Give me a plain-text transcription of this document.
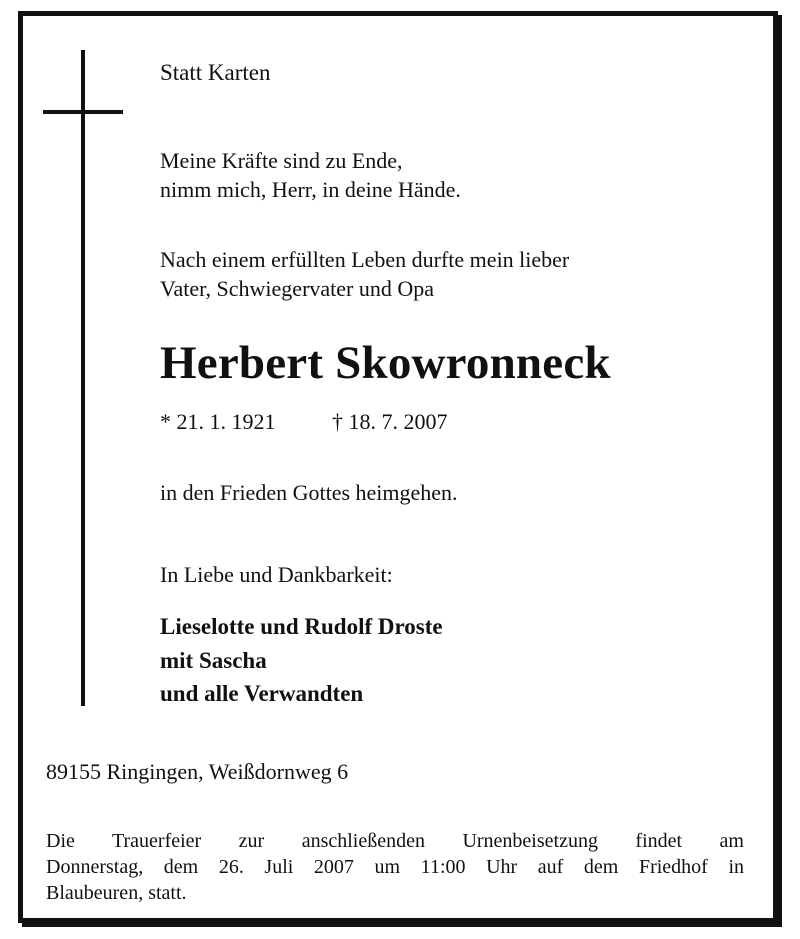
Statt Karten
Meine Kräfte sind zu Ende,
nimm mich, Herr, in deine Hände.
Nach einem erfüllten Leben durfte mein lieber
Vater, Schwiegervater und Opa
Herbert Skowronneck
* 21. 1. 1921	† 18. 7. 2007
in den Frieden Gottes heimgehen.
In Liebe und Dankbarkeit:
Lieselotte und Rudolf Droste
mit Sascha
und alle Verwandten
89155 Ringingen, Weißdornweg 6
Die Trauerfeier zur anschließenden Urnenbeisetzung findet am
Donnerstag, dem 26. Juli 2007 um 11:00 Uhr auf dem Friedhof in
Blaubeuren, statt.
